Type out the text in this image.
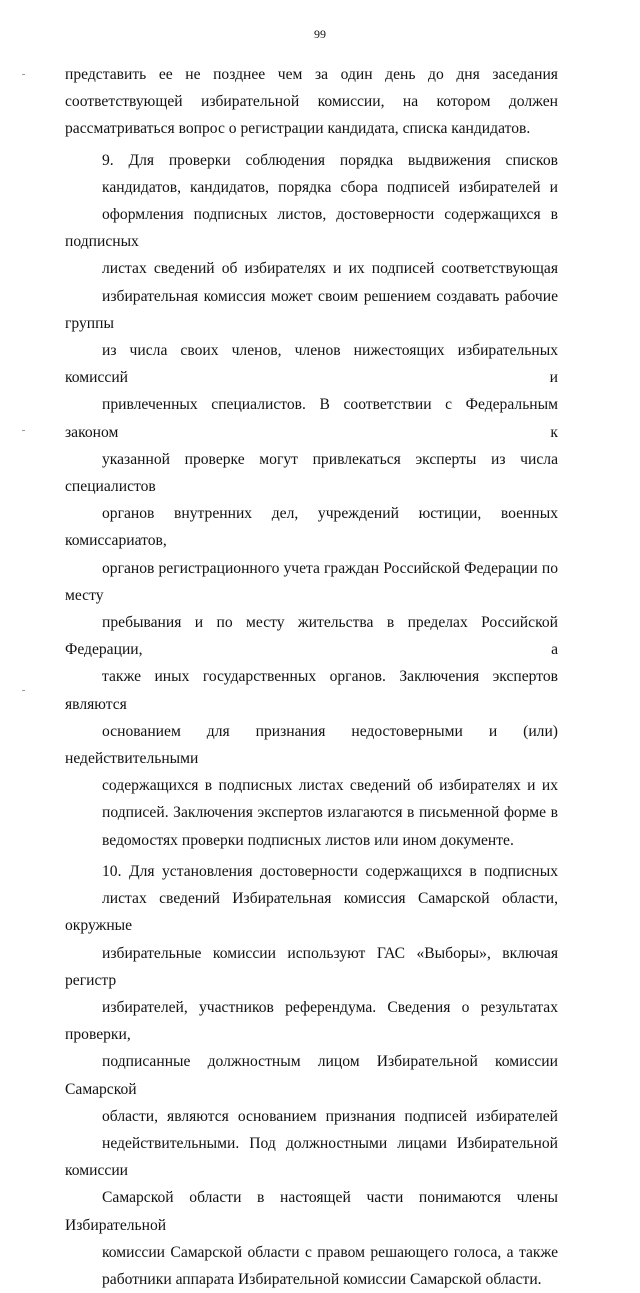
99

представить ее не позднее чем за один день до дня заседания
соответствующей избирательной комиссии, на котором должен
рассматриваться вопрос о регистрации кандидата, списка кандидатов.

9. Для проверки соблюдения порядка выдвижения списков
кандидатов, кандидатов, порядка сбора подписей избирателей и
оформления подписных листов, достоверности содержащихся в подписных
листах сведений об избирателях и их подписей соответствующая
избирательная комиссия может своим решением создавать рабочие группы
из числа своих членов, членов нижестоящих избирательных комиссий и
привлеченных специалистов. В соответствии с Федеральным законом к
указанной проверке могут привлекаться эксперты из числа специалистов
органов внутренних дел, учреждений юстиции, военных комиссариатов,
органов регистрационного учета граждан Российской Федерации по месту
пребывания и по месту жительства в пределах Российской Федерации, а
также иных государственных органов. Заключения экспертов являются
основанием для признания недостоверными и (или) недействительными
содержащихся в подписных листах сведений об избирателях и их
подписей. Заключения экспертов излагаются в письменной форме в
ведомостях проверки подписных листов или ином документе.

10. Для установления достоверности содержащихся в подписных
листах сведений Избирательная комиссия Самарской области, окружные
избирательные комиссии используют ГАС «Выборы», включая регистр
избирателей, участников референдума. Сведения о результатах проверки,
подписанные должностным лицом Избирательной комиссии Самарской
области, являются основанием признания подписей избирателей
недействительными. Под должностными лицами Избирательной комиссии
Самарской области в настоящей части понимаются члены Избирательной
комиссии Самарской области с правом решающего голоса, а также
работники аппарата Избирательной комиссии Самарской области.
